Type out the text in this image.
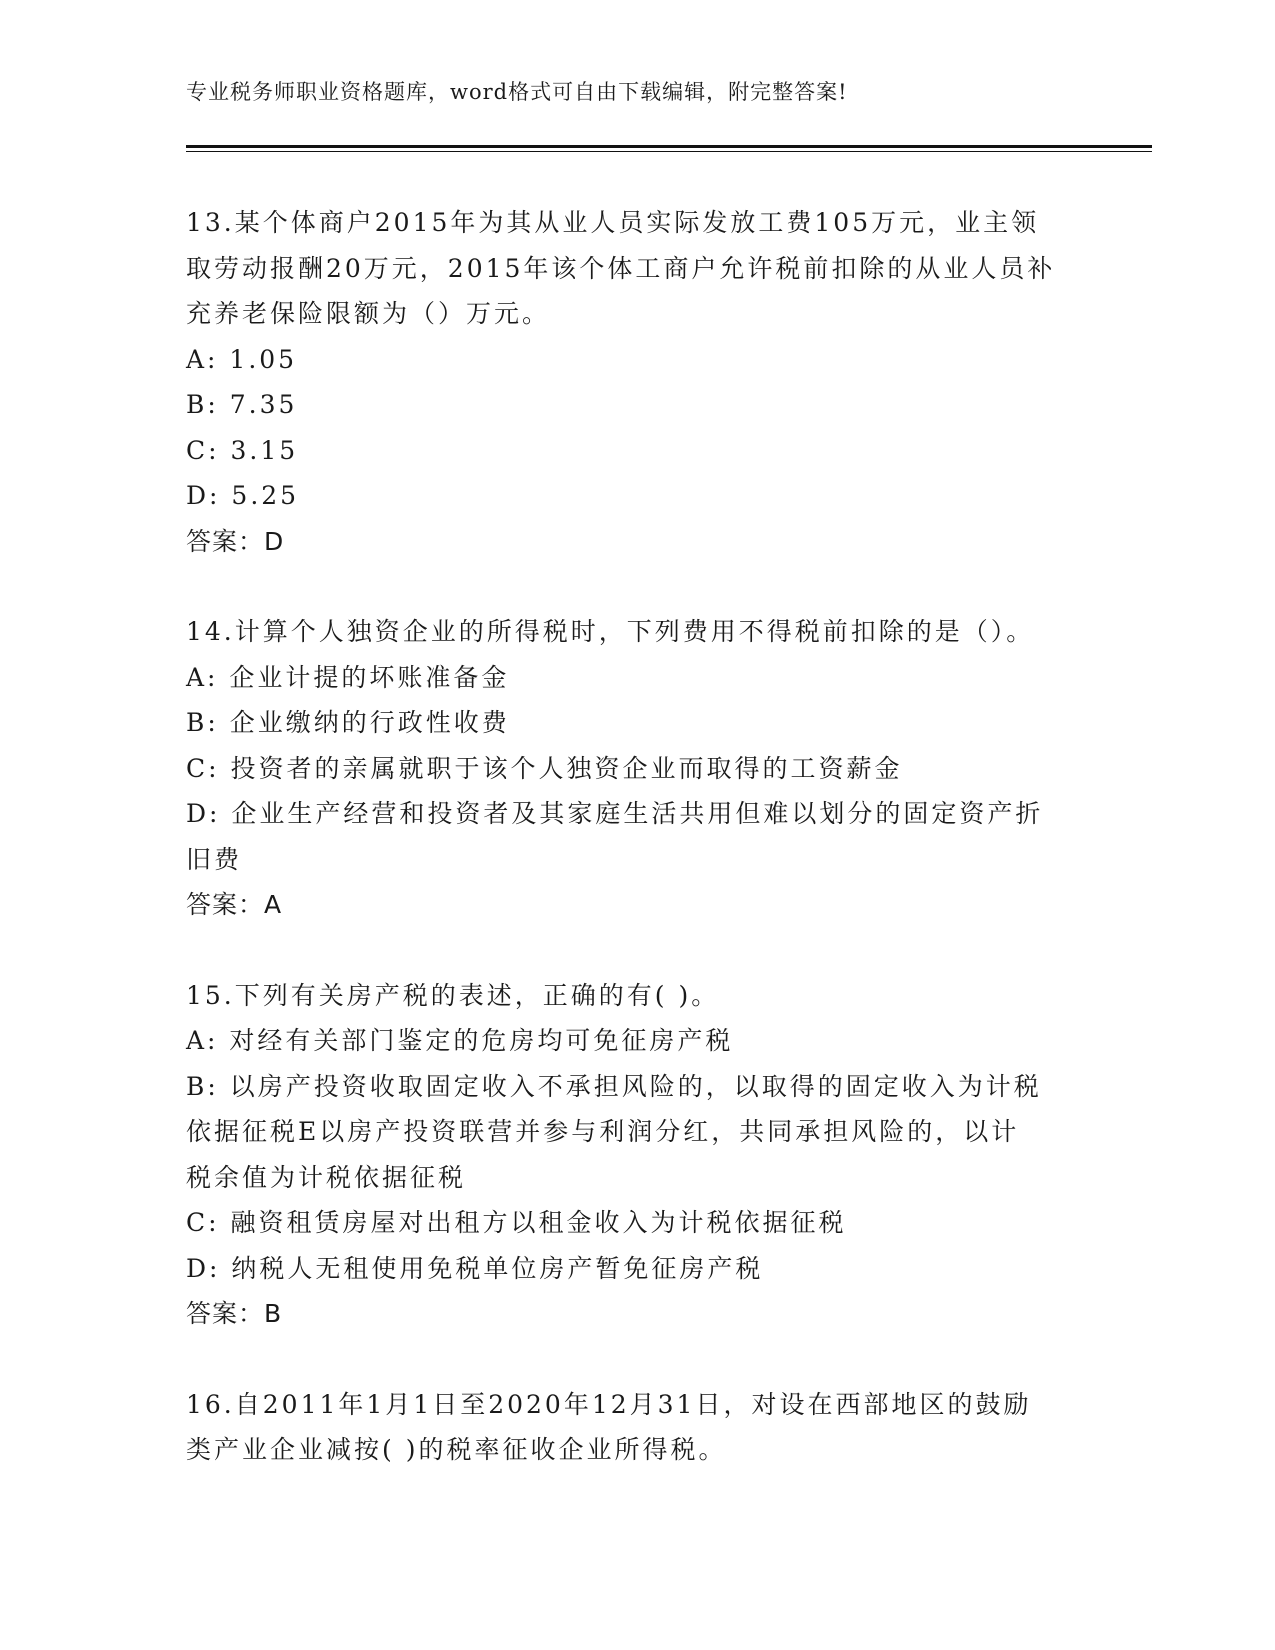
专业税务师职业资格题库，word格式可自由下载编辑，附完整答案!
13.某个体商户2015年为其从业人员实际发放工费105万元，业主领
取劳动报酬20万元，2015年该个体工商户允许税前扣除的从业人员补
充养老保险限额为（）万元。
A: 1.05
B: 7.35
C: 3.15
D: 5.25
答案：D
14.计算个人独资企业的所得税时，下列费用不得税前扣除的是（）。
A: 企业计提的坏账准备金
B: 企业缴纳的行政性收费
C: 投资者的亲属就职于该个人独资企业而取得的工资薪金
D: 企业生产经营和投资者及其家庭生活共用但难以划分的固定资产折
旧费
答案：A
15.下列有关房产税的表述，正确的有( )。
A: 对经有关部门鉴定的危房均可免征房产税
B: 以房产投资收取固定收入不承担风险的，以取得的固定收入为计税
依据征税E以房产投资联营并参与利润分红，共同承担风险的，以计
税余值为计税依据征税
C: 融资租赁房屋对出租方以租金收入为计税依据征税
D: 纳税人无租使用免税单位房产暂免征房产税
答案：B
16.自2011年1月1日至2020年12月31日，对设在西部地区的鼓励
类产业企业减按( )的税率征收企业所得税。
